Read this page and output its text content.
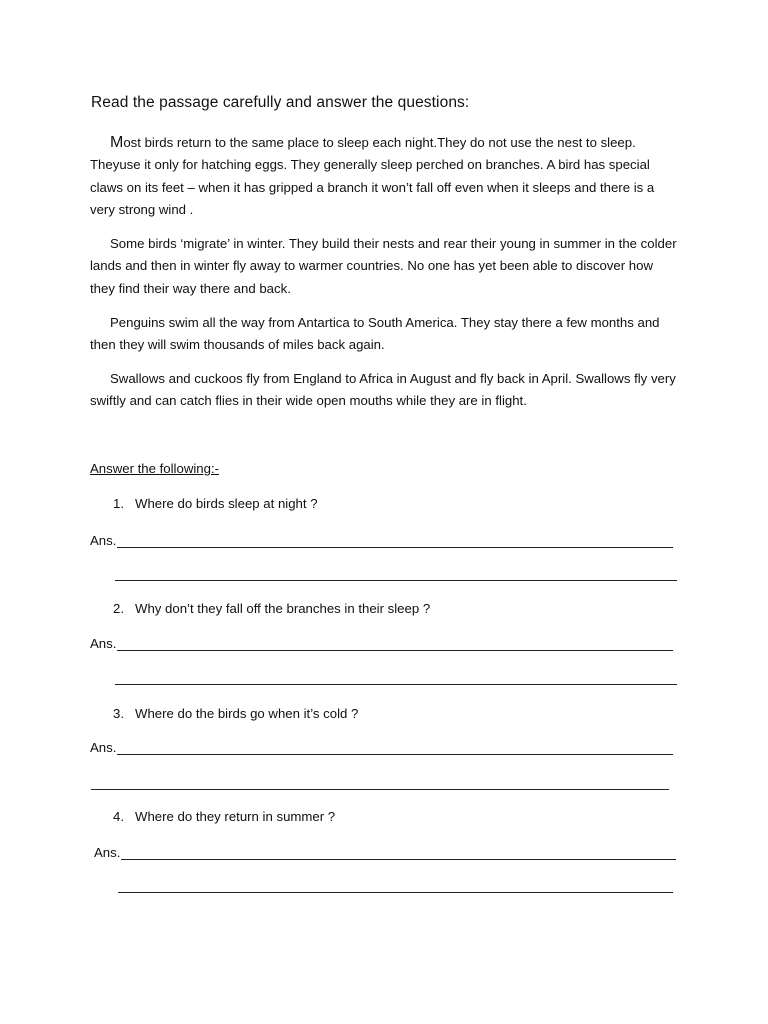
Read the passage carefully and answer the questions:

Most birds return to the same place to sleep each night.They do not use the nest to sleep. Theyuse it only for hatching eggs. They generally sleep perched on branches. A bird has special claws on its feet – when it has gripped a branch it won’t fall off even when it sleeps and there is a very strong wind .

Some birds ‘migrate’ in winter. They build their nests and rear their young in summer in the colder lands and then in winter fly away to warmer countries. No one has yet been able to discover how they find their way there and back.

Penguins swim all the way from Antartica to South America. They stay there a few months and then they will swim thousands of miles back again.

Swallows and cuckoos fly from England to Africa in August and fly back in April. Swallows fly very swiftly and can catch flies in their wide open mouths while they are in flight.

Answer the following:-
1. Where do birds sleep at night ?
Ans.
2. Why don’t they fall off the branches in their sleep ?
Ans.
3. Where do the birds go when it’s cold ?
Ans.
4. Where do they return in summer ?
Ans.
